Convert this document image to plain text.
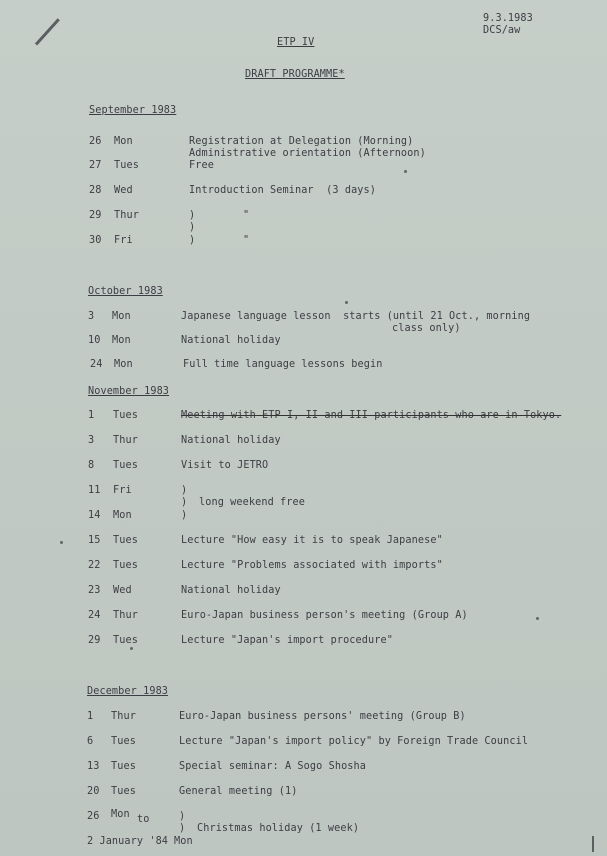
9.3.1983
DCS/aw
ETP IV
DRAFT PROGRAMME*
September 1983
26 Mon	Registration at Delegation (Morning)
Administrative orientation (Afternoon)
27 Tues	Free
28 Wed	Introduction Seminar  (3 days)
29 Thur	)	"
)
30 Fri	)	"
October 1983
3 Mon	Japanese language lesson  starts (until 21 Oct., morning
class only)
10 Mon	National holiday
24 Mon	Full time language lessons begin
November 1983
1 Tues	Meeting with ETP I, II and III participants who are in Tokyo.
3 Thur	National holiday
8 Tues	Visit to JETRO
11 Fri	)
) long weekend free
14 Mon	)
15 Tues	Lecture "How easy it is to speak Japanese"
22 Tues	Lecture "Problems associated with imports"
23 Wed	National holiday
24 Thur	Euro-Japan business person's meeting (Group A)
29 Tues	Lecture "Japan's import procedure"
December 1983
1 Thur	Euro-Japan business persons' meeting (Group B)
6 Tues	Lecture "Japan's import policy" by Foreign Trade Council
13 Tues	Special seminar: A Sogo Shosha
20 Tues	General meeting (1)
26 Mon to	)
) Christmas holiday (1 week)
2 January '84 Mon
